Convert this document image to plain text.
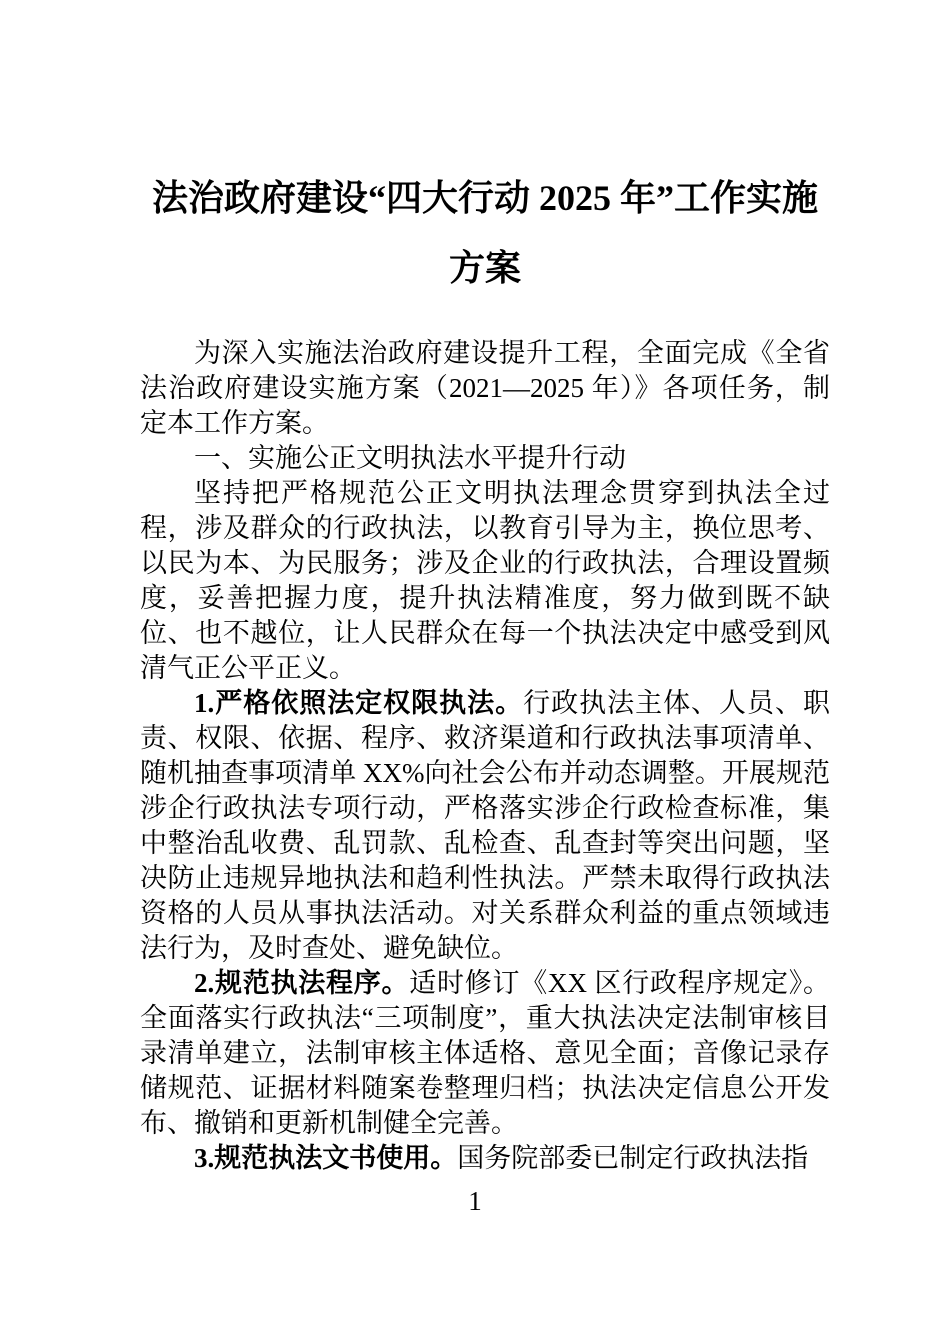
法治政府建设“四大行动 2025 年”工作实施方案

为深入实施法治政府建设提升工程，全面完成《全省法治政府建设实施方案（2021—2025 年）》各项任务，制定本工作方案。

一、实施公正文明执法水平提升行动

坚持把严格规范公正文明执法理念贯穿到执法全过程，涉及群众的行政执法，以教育引导为主，换位思考、以民为本、为民服务；涉及企业的行政执法，合理设置频度，妥善把握力度，提升执法精准度，努力做到既不缺位、也不越位，让人民群众在每一个执法决定中感受到风清气正公平正义。

1.严格依照法定权限执法。行政执法主体、人员、职责、权限、依据、程序、救济渠道和行政执法事项清单、随机抽查事项清单 XX%向社会公布并动态调整。开展规范涉企行政执法专项行动，严格落实涉企行政检查标准，集中整治乱收费、乱罚款、乱检查、乱查封等突出问题，坚决防止违规异地执法和趋利性执法。严禁未取得行政执法资格的人员从事执法活动。对关系群众利益的重点领域违法行为，及时查处、避免缺位。

2.规范执法程序。适时修订《XX 区行政程序规定》。全面落实行政执法“三项制度”，重大执法决定法制审核目录清单建立，法制审核主体适格、意见全面；音像记录存储规范、证据材料随案卷整理归档；执法决定信息公开发布、撤销和更新机制健全完善。

3.规范执法文书使用。国务院部委已制定行政执法指

1
